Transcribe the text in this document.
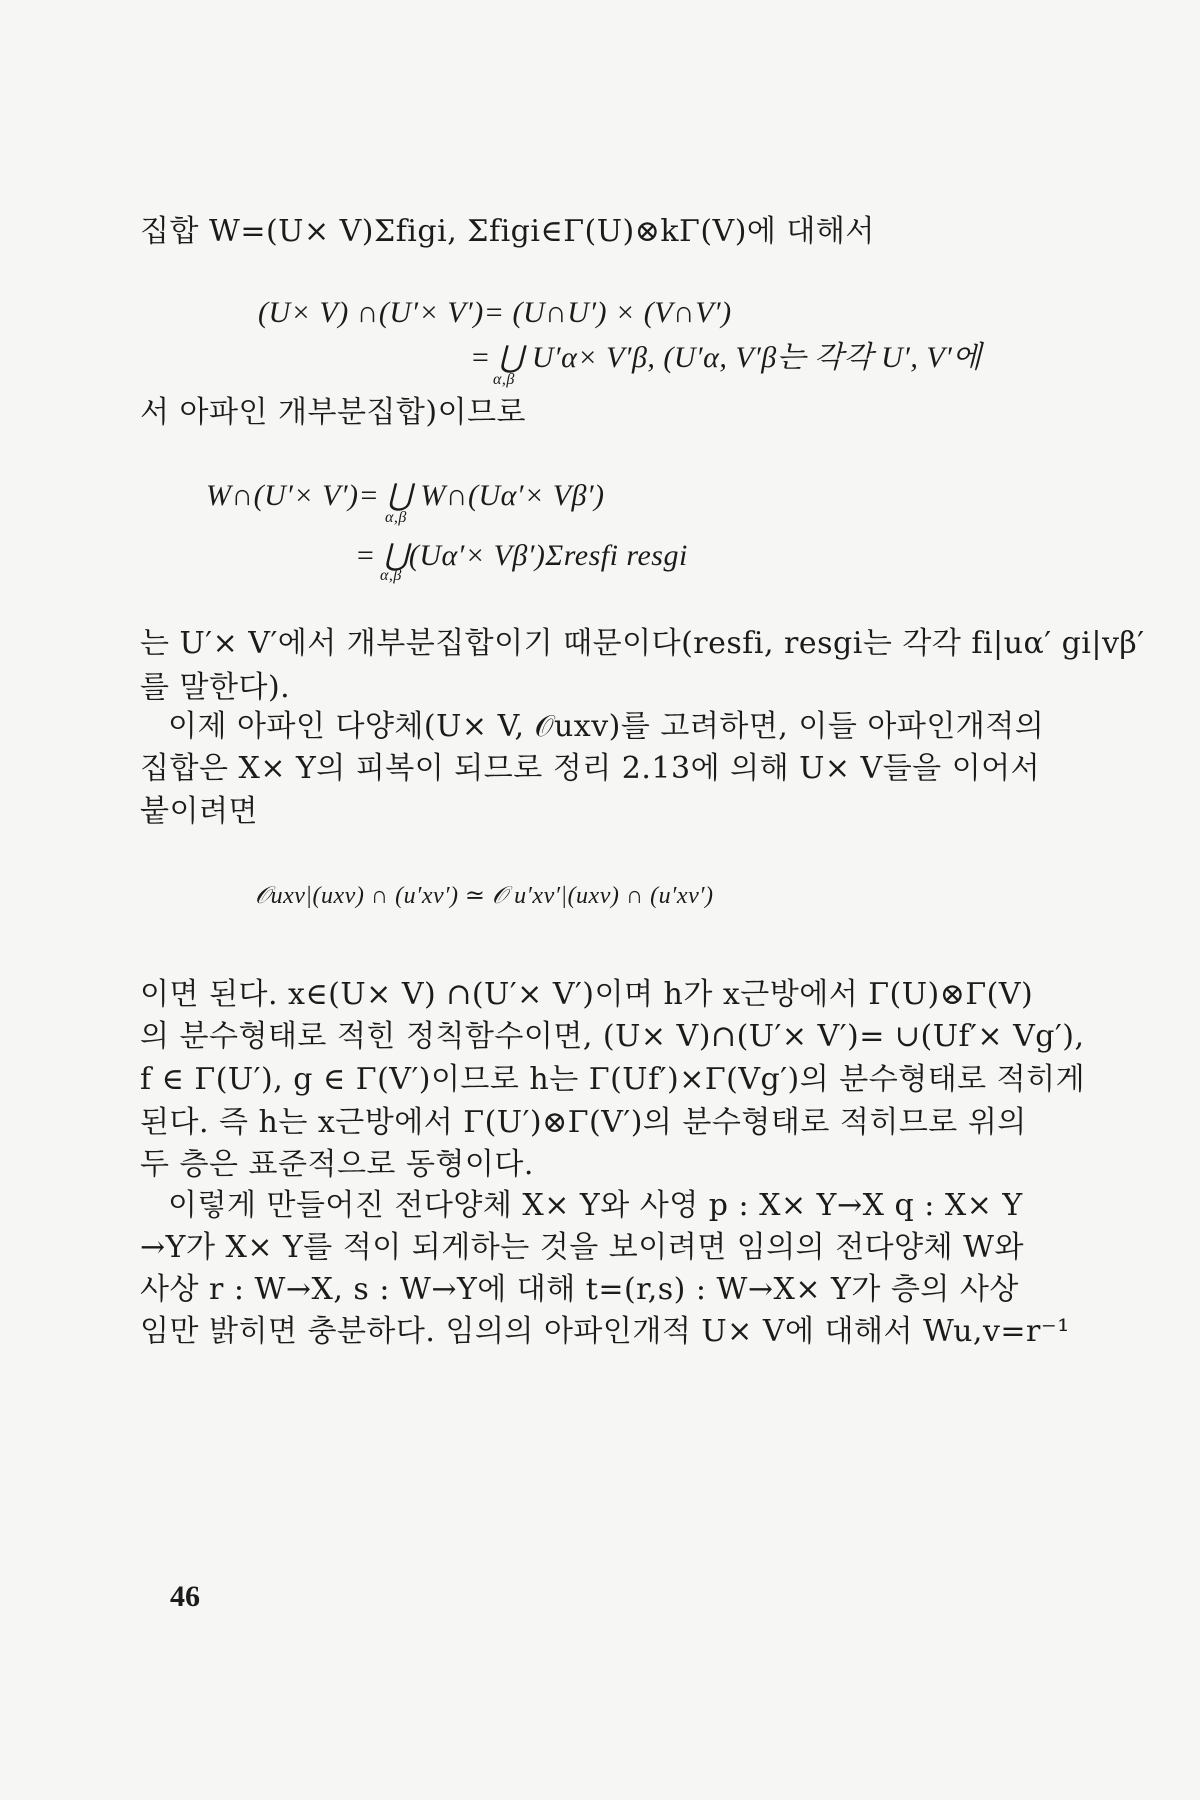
집합 W=(U× V)Σfigi, Σfigi∈Γ(U)⊗kΓ(V)에 대해서
(U× V) ∩(U′× V′)= (U∩U′) × (V∩V′)
= ⋃ U′α× V′β, (U′α, V′β는 각각 U′, V′에
α,β
서 아파인 개부분집합)이므로
W∩(U′× V′)= ⋃ W∩(Uα′× Vβ′)
α,β
= ⋃(Uα′× Vβ′)Σresfi resgi
α,β
는 U′× V′에서 개부분집합이기 때문이다(resfi, resgi는 각각 fi|uα′ gi|vβ′
를 말한다).
이제 아파인 다양체(U× V, 𝒪uxv)를 고려하면, 이들 아파인개적의
집합은 X× Y의 피복이 되므로 정리 2.13에 의해 U× V들을 이어서
붙이려면
𝒪uxv|(uxv) ∩ (u′xv′) ≃ 𝒪 u′xv′|(uxv) ∩ (u′xv′)
이면 된다. x∈(U× V) ∩(U′× V′)이며 h가 x근방에서 Γ(U)⊗Γ(V)
의 분수형태로 적힌 정칙함수이면, (U× V)∩(U′× V′)= ∪(Uf′× Vg′),
f ∈ Γ(U′), g ∈ Γ(V′)이므로 h는 Γ(Uf′)×Γ(Vg′)의 분수형태로 적히게
된다. 즉 h는 x근방에서 Γ(U′)⊗Γ(V′)의 분수형태로 적히므로 위의
두 층은 표준적으로 동형이다.
이렇게 만들어진 전다양체 X× Y와 사영 p : X× Y→X q : X× Y
→Y가 X× Y를 적이 되게하는 것을 보이려면 임의의 전다양체 W와
사상 r : W→X, s : W→Y에 대해 t=(r,s) : W→X× Y가 층의 사상
임만 밝히면 충분하다. 임의의 아파인개적 U× V에 대해서 Wu,v=r⁻¹
46
